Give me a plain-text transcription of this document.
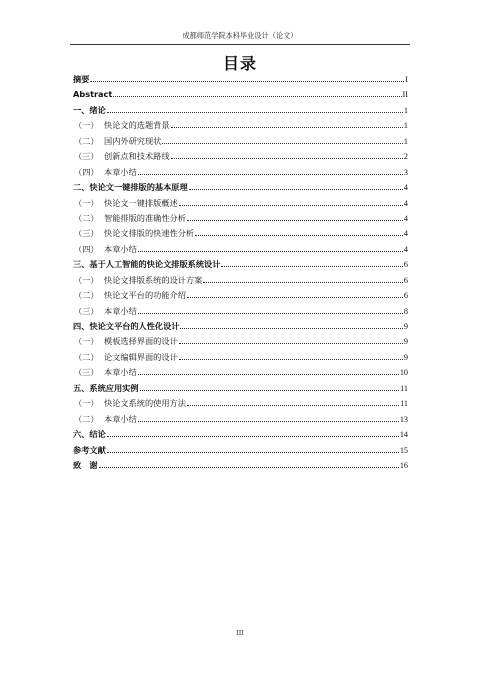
成都师范学院本科毕业设计（论文）
目录
摘要	I
Abstract	II
一、绪论	1
（一） 快论文的选题背景	1
（二） 国内外研究现状	1
（三） 创新点和技术路线	2
（四） 本章小结	3
二、快论文一键排版的基本原理	4
（一） 快论文一键排版概述	4
（二） 智能排版的准确性分析	4
（三） 快论文排版的快速性分析	4
（四） 本章小结	4
三、基于人工智能的快论文排版系统设计	6
（一） 快论文排版系统的设计方案	6
（二） 快论文平台的功能介绍	6
（三） 本章小结	8
四、快论文平台的人性化设计	9
（一） 模板选择界面的设计	9
（二） 论文编辑界面的设计	9
（三） 本章小结	10
五、系统应用实例	11
（一） 快论文系统的使用方法	11
（二） 本章小结	13
六、结论	14
参考文献	15
致　谢	16
III
